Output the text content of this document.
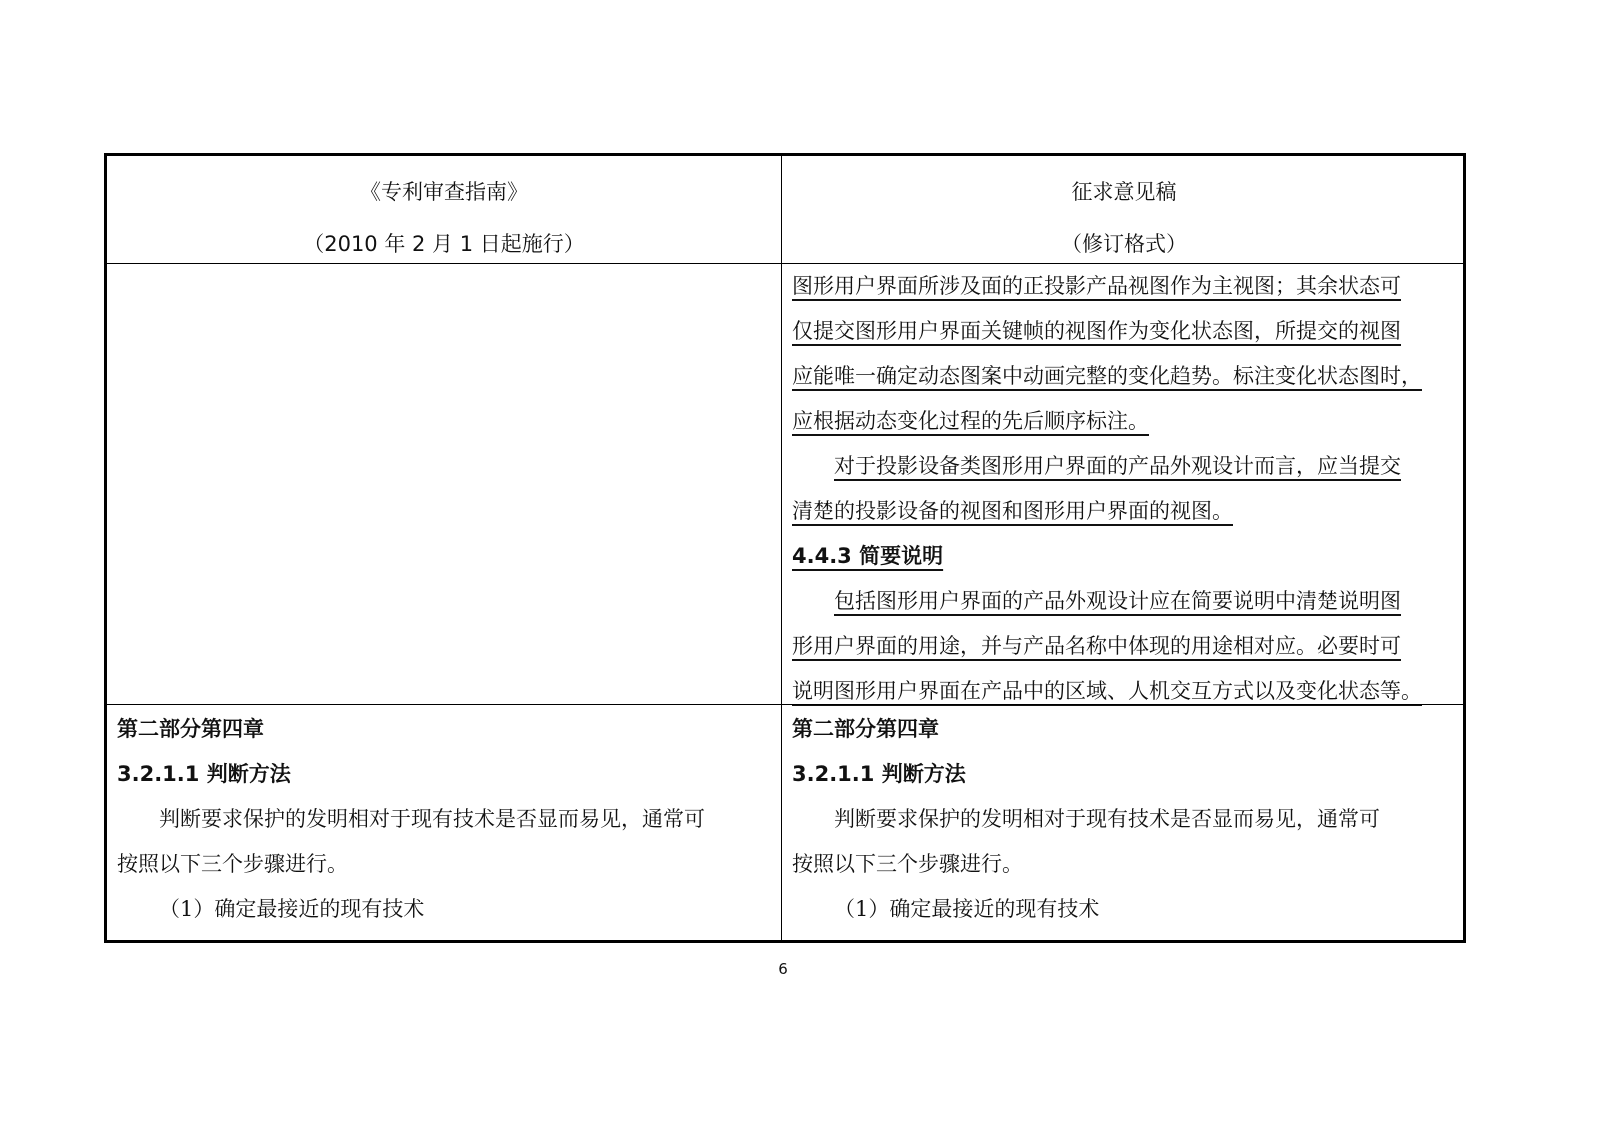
《专利审查指南》
（2010 年 2 月 1 日起施行）
征求意见稿
（修订格式）

图形用户界面所涉及面的正投影产品视图作为主视图；其余状态可

仅提交图形用户界面关键帧的视图作为变化状态图，所提交的视图

应能唯一确定动态图案中动画完整的变化趋势。标注变化状态图时，

应根据动态变化过程的先后顺序标注。

对于投影设备类图形用户界面的产品外观设计而言，应当提交

清楚的投影设备的视图和图形用户界面的视图。

4.4.3 简要说明

包括图形用户界面的产品外观设计应在简要说明中清楚说明图

形用户界面的用途，并与产品名称中体现的用途相对应。必要时可

说明图形用户界面在产品中的区域、人机交互方式以及变化状态等。

第二部分第四章

3.2.1.1 判断方法

判断要求保护的发明相对于现有技术是否显而易见，通常可

按照以下三个步骤进行。

（1）确定最接近的现有技术

第二部分第四章

3.2.1.1 判断方法

判断要求保护的发明相对于现有技术是否显而易见，通常可

按照以下三个步骤进行。

（1）确定最接近的现有技术

6
